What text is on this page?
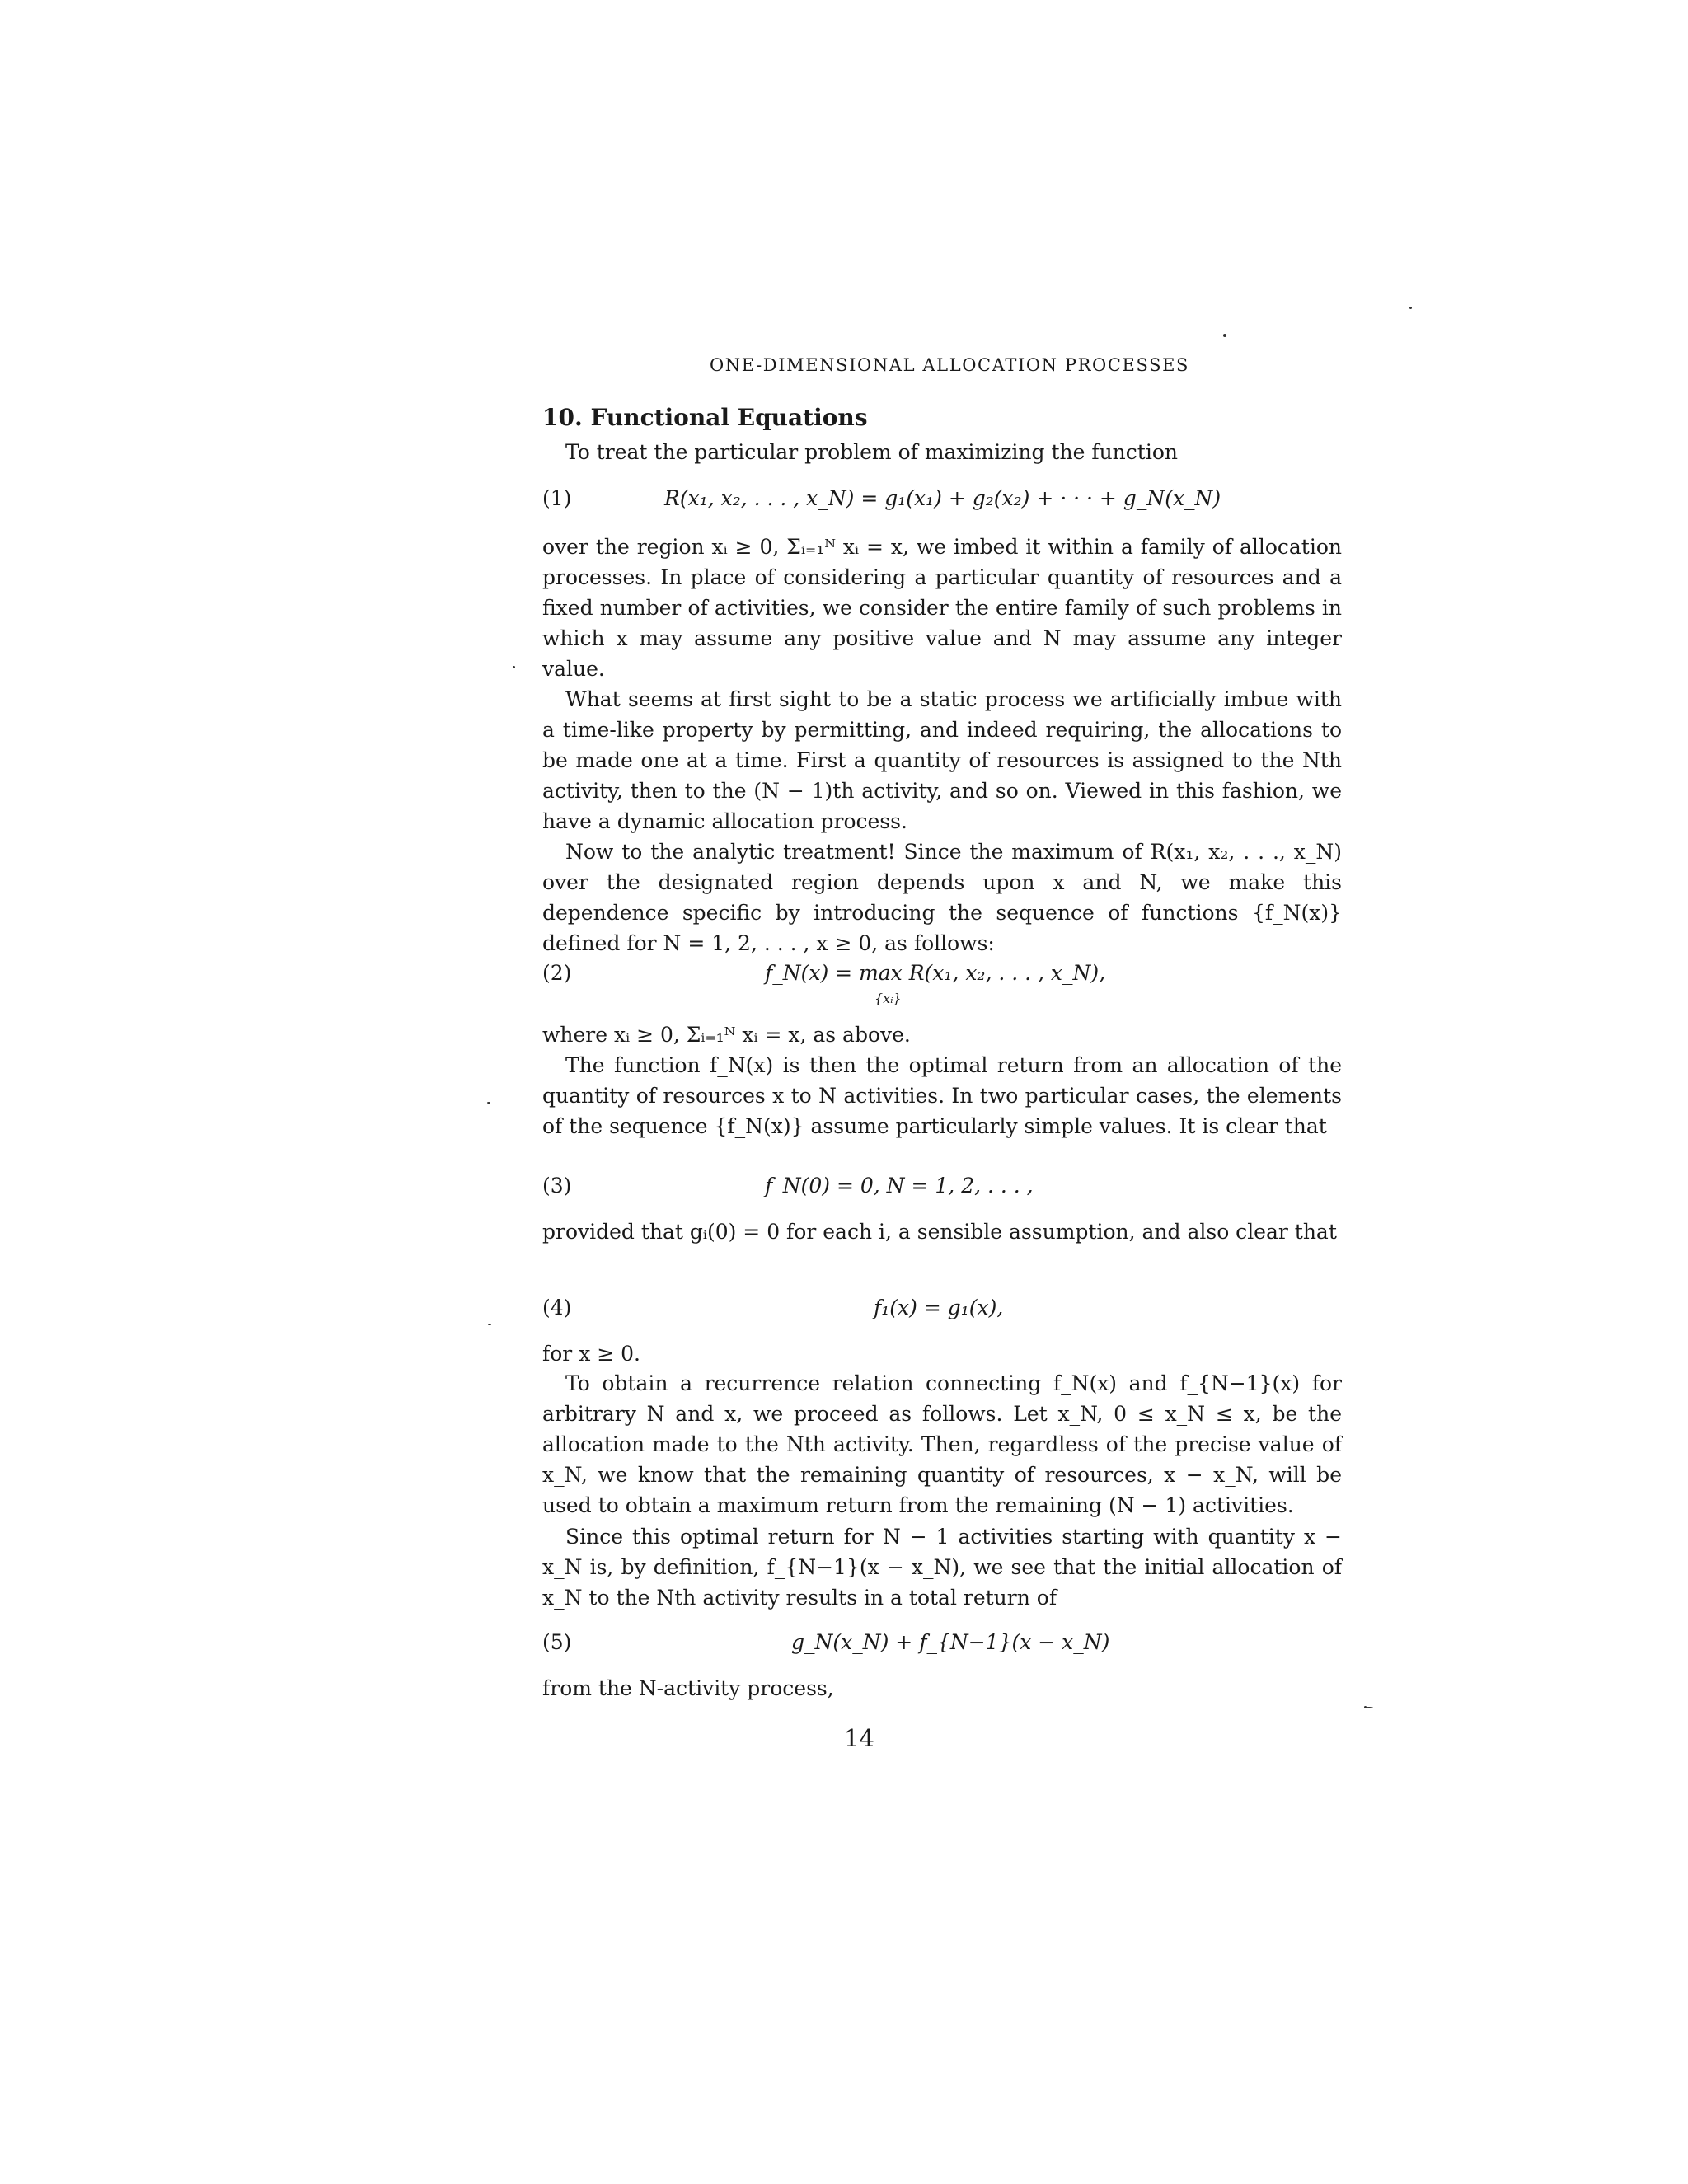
ONE-DIMENSIONAL ALLOCATION PROCESSES
10. Functional Equations

To treat the particular problem of maximizing the function

(1)	R(x₁, x₂, . . . , x_N) = g₁(x₁) + g₂(x₂) + · · · + g_N(x_N)

over the region xᵢ ≥ 0, Σᵢ₌₁ᴺ xᵢ = x, we imbed it within a family of allocation processes. In place of considering a particular quantity of resources and a fixed number of activities, we consider the entire family of such problems in which x may assume any positive value and N may assume any integer value.

What seems at first sight to be a static process we artificially imbue with a time-like property by permitting, and indeed requiring, the allocations to be made one at a time. First a quantity of resources is assigned to the Nth activity, then to the (N − 1)th activity, and so on. Viewed in this fashion, we have a dynamic allocation process.

Now to the analytic treatment! Since the maximum of R(x₁, x₂, . . ., x_N) over the designated region depends upon x and N, we make this dependence specific by introducing the sequence of functions {f_N(x)} defined for N = 1, 2, . . . , x ≥ 0, as follows:

(2)	f_N(x) = max R(x₁, x₂, . . . , x_N),
{xᵢ}

where xᵢ ≥ 0, Σᵢ₌₁ᴺ xᵢ = x, as above.

The function f_N(x) is then the optimal return from an allocation of the quantity of resources x to N activities. In two particular cases, the elements of the sequence {f_N(x)} assume particularly simple values. It is clear that

(3)	f_N(0) = 0, N = 1, 2, . . . ,

provided that gᵢ(0) = 0 for each i, a sensible assumption, and also clear that

(4)	f₁(x) = g₁(x),

for x ≥ 0.

To obtain a recurrence relation connecting f_N(x) and f_{N−1}(x) for arbitrary N and x, we proceed as follows. Let x_N, 0 ≤ x_N ≤ x, be the allocation made to the Nth activity. Then, regardless of the precise value of x_N, we know that the remaining quantity of resources, x − x_N, will be used to obtain a maximum return from the remaining (N − 1) activities.

Since this optimal return for N − 1 activities starting with quantity x − x_N is, by definition, f_{N−1}(x − x_N), we see that the initial allocation of x_N to the Nth activity results in a total return of

(5)	g_N(x_N) + f_{N−1}(x − x_N)

from the N-activity process,

14
